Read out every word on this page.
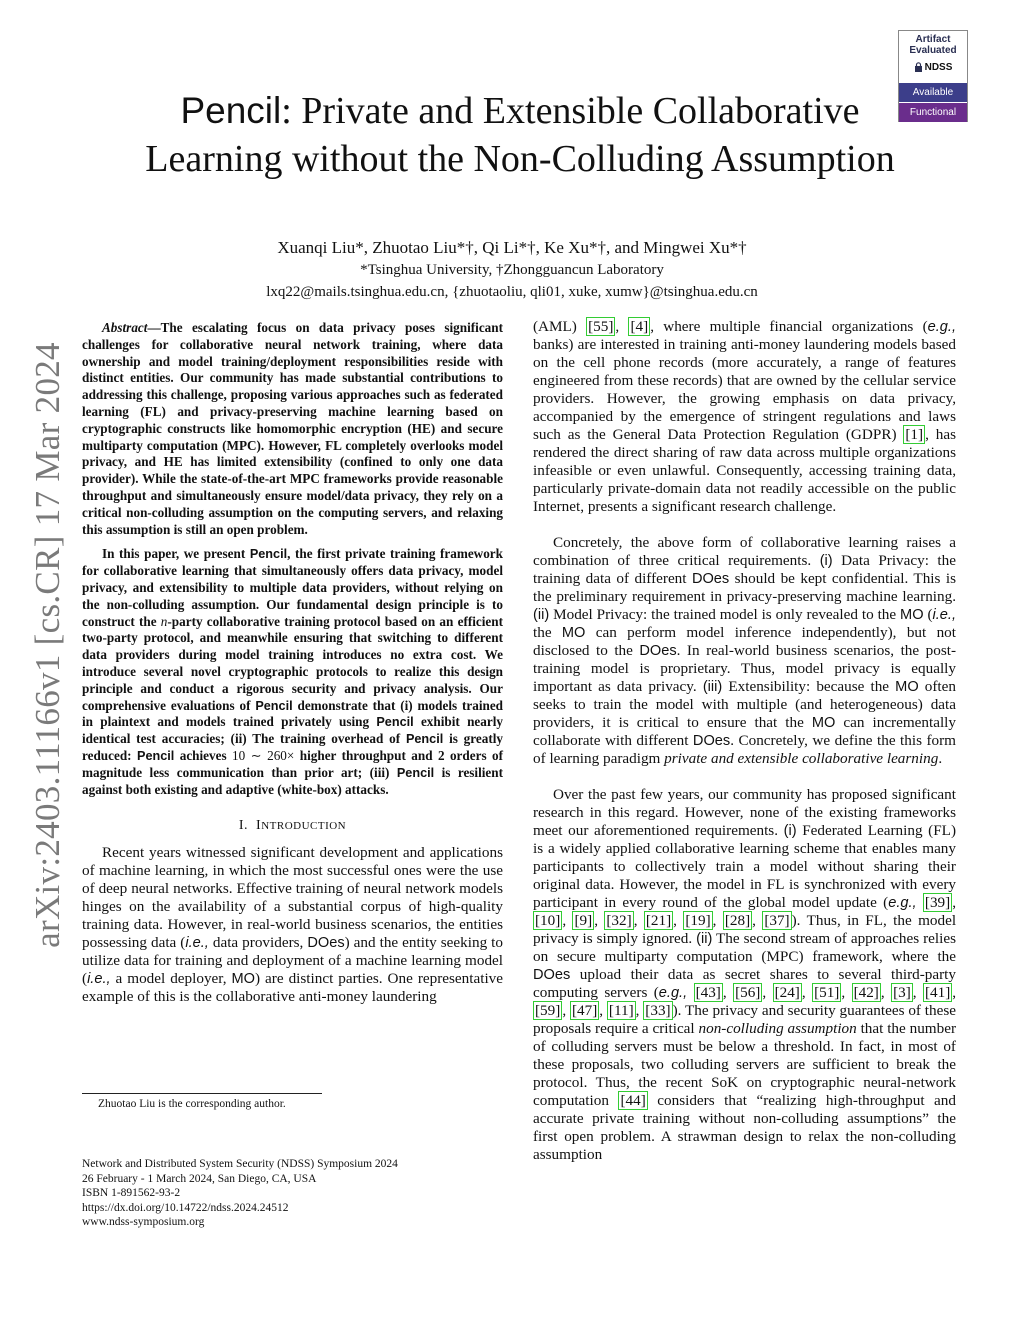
arXiv:2403.11166v1 [cs.CR] 17 Mar 2024
Artifact
Evaluated
NDSS
Available
Functional
Pencil: Private and Extensible Collaborative
Learning without the Non-Colluding Assumption
Xuanqi Liu*, Zhuotao Liu*†, Qi Li*†, Ke Xu*†, and Mingwei Xu*†
*Tsinghua University, †Zhongguancun Laboratory
lxq22@mails.tsinghua.edu.cn, {zhuotaoliu, qli01, xuke, xumw}@tsinghua.edu.cn

Abstract—The escalating focus on data privacy poses significant challenges for collaborative neural network training, where data ownership and model training/deployment responsibilities reside with distinct entities. Our community has made substantial contributions to addressing this challenge, proposing various approaches such as federated learning (FL) and privacy-preserving machine learning based on cryptographic constructs like homomorphic encryption (HE) and secure multiparty computation (MPC). However, FL completely overlooks model privacy, and HE has limited extensibility (confined to only one data provider). While the state-of-the-art MPC frameworks provide reasonable throughput and simultaneously ensure model/data privacy, they rely on a critical non-colluding assumption on the computing servers, and relaxing this assumption is still an open problem.

In this paper, we present Pencil, the first private training framework for collaborative learning that simultaneously offers data privacy, model privacy, and extensibility to multiple data providers, without relying on the non-colluding assumption. Our fundamental design principle is to construct the n-party collaborative training protocol based on an efficient two-party protocol, and meanwhile ensuring that switching to different data providers during model training introduces no extra cost. We introduce several novel cryptographic protocols to realize this design principle and conduct a rigorous security and privacy analysis. Our comprehensive evaluations of Pencil demonstrate that (i) models trained in plaintext and models trained privately using Pencil exhibit nearly identical test accuracies; (ii) The training overhead of Pencil is greatly reduced: Pencil achieves 10 ∼ 260× higher throughput and 2 orders of magnitude less communication than prior art; (iii) Pencil is resilient against both existing and adaptive (white-box) attacks.

I. INTRODUCTION

Recent years witnessed significant development and applications of machine learning, in which the most successful ones were the use of deep neural networks. Effective training of neural network models hinges on the availability of a substantial corpus of high-quality training data. However, in real-world business scenarios, the entities possessing data (i.e., data providers, DOes) and the entity seeking to utilize data for training and deployment of a machine learning model (i.e., a model deployer, MO) are distinct parties. One representative example of this is the collaborative anti-money laundering

Zhuotao Liu is the corresponding author.
Network and Distributed System Security (NDSS) Symposium 2024
26 February - 1 March 2024, San Diego, CA, USA
ISBN 1-891562-93-2
https://dx.doi.org/10.14722/ndss.2024.24512
www.ndss-symposium.org

(AML) [55] , [4] , where multiple financial organizations (e.g., banks) are interested in training anti-money laundering models based on the cell phone records (more accurately, a range of features engineered from these records) that are owned by the cellular service providers. However, the growing emphasis on data privacy, accompanied by the emergence of stringent regulations and laws such as the General Data Protection Regulation (GDPR) [1] , has rendered the direct sharing of raw data across multiple organizations infeasible or even unlawful. Consequently, accessing training data, particularly private-domain data not readily accessible on the public Internet, presents a significant research challenge.

Concretely, the above form of collaborative learning raises a combination of three critical requirements. (i) Data Privacy: the training data of different DOes should be kept confidential. This is the preliminary requirement in privacy-preserving machine learning. (ii) Model Privacy: the trained model is only revealed to the MO (i.e., the MO can perform model inference independently), but not disclosed to the DOes. In real-world business scenarios, the post-training model is proprietary. Thus, model privacy is equally important as data privacy. (iii) Extensibility: because the MO often seeks to train the model with multiple (and heterogeneous) data providers, it is critical to ensure that the MO can incrementally collaborate with different DOes. Concretely, we define the this form of learning paradigm private and extensible collaborative learning.

Over the past few years, our community has proposed significant research in this regard. However, none of the existing frameworks meet our aforementioned requirements. (i) Federated Learning (FL) is a widely applied collaborative learning scheme that enables many participants to collectively train a model without sharing their original data. However, the model in FL is synchronized with every participant in every round of the global model update (e.g., [39] , [10] , [9] , [32] , [21] , [19] , [28] , [37] ). Thus, in FL, the model privacy is simply ignored. (ii) The second stream of approaches relies on secure multiparty computation (MPC) framework, where the DOes upload their data as secret shares to several third-party computing servers (e.g., [43] , [56] , [24] , [51] , [42] , [3] , [41] , [59] , [47] , [11] , [33] ). The privacy and security guarantees of these proposals require a critical non-colluding assumption that the number of colluding servers must be below a threshold. In fact, in most of these proposals, two colluding servers are sufficient to break the protocol. Thus, the recent SoK on cryptographic neural-network computation [44] considers that “realizing high-throughput and accurate private training without non-colluding assumptions” the first open problem. A strawman design to relax the non-colluding assumption
